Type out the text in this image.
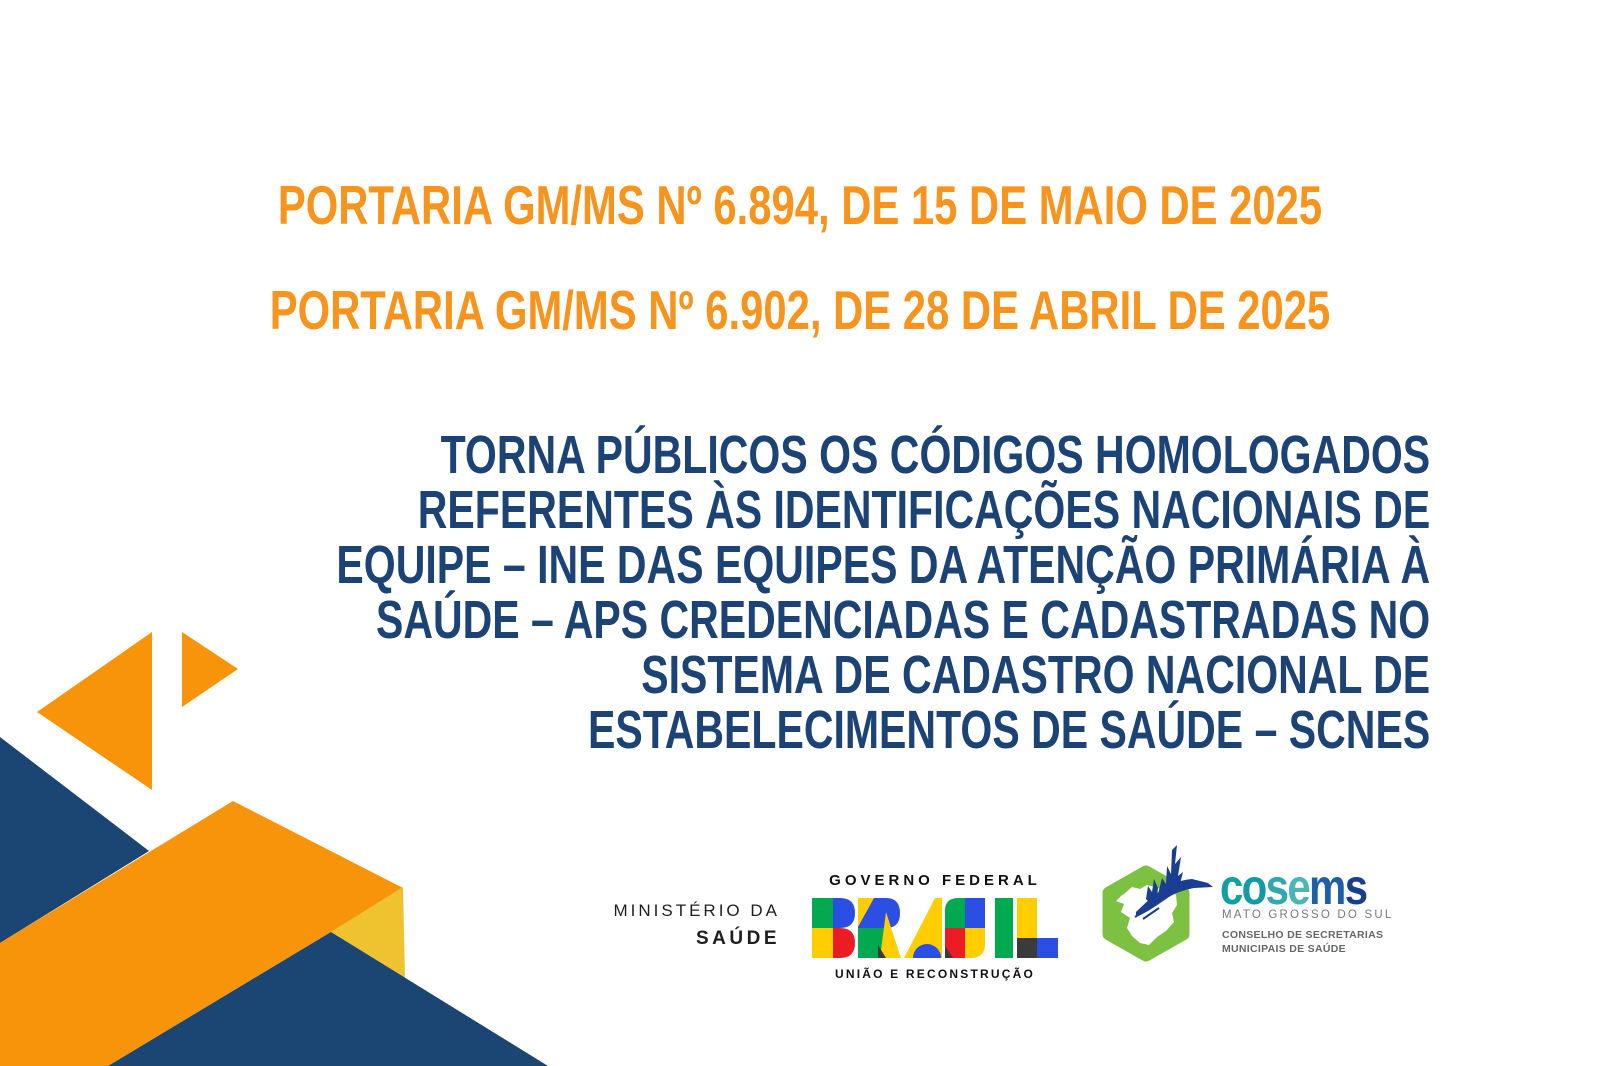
PORTARIA GM/MS Nº 6.894, DE 15 DE MAIO DE 2025
PORTARIA GM/MS Nº 6.902, DE 28 DE ABRIL DE 2025
TORNA PÚBLICOS OS CÓDIGOS HOMOLOGADOS
REFERENTES ÀS IDENTIFICAÇÕES NACIONAIS DE
EQUIPE – INE DAS EQUIPES DA ATENÇÃO PRIMÁRIA À
SAÚDE – APS CREDENCIADAS E CADASTRADAS NO
SISTEMA DE CADASTRO NACIONAL DE
ESTABELECIMENTOS DE SAÚDE – SCNES
MINISTÉRIO DA
SAÚDE
GOVERNO FEDERAL
UNIÃO E RECONSTRUÇÃO
cosems
MATO GROSSO DO SUL
CONSELHO DE SECRETARIAS
MUNICIPAIS DE SAÚDE
